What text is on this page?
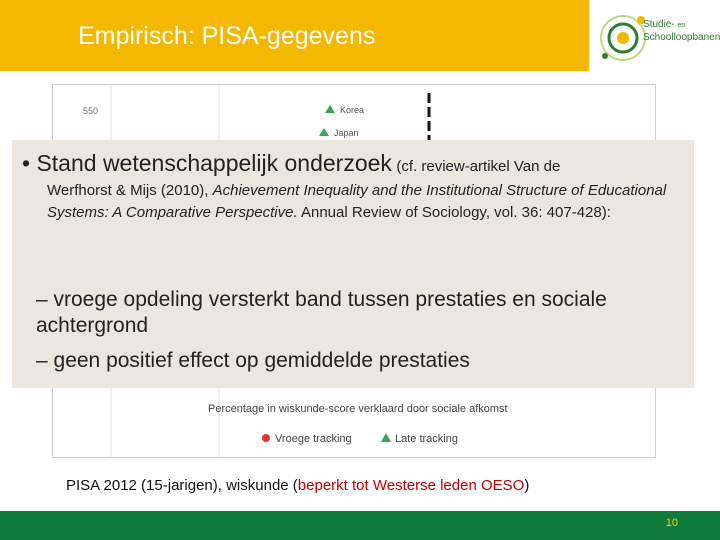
Empirisch: PISA-gegevens	Studie- en
Schoolloopbanen
550	Korea
Japan
Percentage in wiskunde-score verklaard door sociale afkomst
Vroege tracking	Late tracking
• Stand wetenschappelijk onderzoek (cf. review-artikel Van de
Werfhorst & Mijs (2010), Achievement Inequality and the Institutional Structure of Educational Systems: A Comparative Perspective. Annual Review of Sociology, vol. 36: 407-428):
– vroege opdeling versterkt band tussen prestaties en sociale achtergrond
– geen positief effect op gemiddelde prestaties
PISA 2012 (15-jarigen), wiskunde (beperkt tot Westerse leden OESO)
10
